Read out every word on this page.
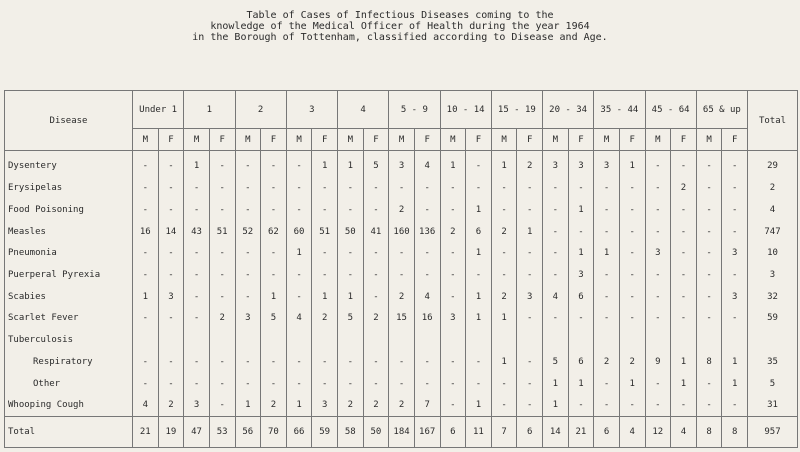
Table of Cases of Infectious Diseases coming to the
knowledge of the Medical Officer of Health during the year 1964
in the Borough of Tottenham, classified according to Disease and Age.
Disease	Under 1		1		2		3		4		5 - 9		10 - 14		15 - 19		20 - 34		35 - 44		45 - 64		65 & up		Total
	M	F	M	F	M	F	M	F	M	F	M	F	M	F	M	F	M	F	M	F	M	F	M	F	
Dysentery	-	-	1	-	-	-	-	1	1	5	3	4	1	-	1	2	3	3	3	1	-	-	-	-	29
Erysipelas	-	-	-	-	-	-	-	-	-	-	-	-	-	-	-	-	-	-	-	-	-	2	-	-	2
Food Poisoning	-	-	-	-	-	-	-	-	-	-	2	-	-	1	-	-	-	1	-	-	-	-	-	-	4
Measles	16	14	43	51	52	62	60	51	50	41	160	136	2	6	2	1	-	-	-	-	-	-	-	-	747
Pneumonia	-	-	-	-	-	-	1	-	-	-	-	-	-	1	-	-	-	1	1	-	3	-	-	3	10
Puerperal Pyrexia	-	-	-	-	-	-	-	-	-	-	-	-	-	-	-	-	-	3	-	-	-	-	-	-	3
Scabies	1	3	-	-	-	1	-	1	1	-	2	4	-	1	2	3	4	6	-	-	-	-	-	3	32
Scarlet Fever	-	-	-	2	3	5	4	2	5	2	15	16	3	1	1	-	-	-	-	-	-	-	-	-	59
Tuberculosis																									
Respiratory	-	-	-	-	-	-	-	-	-	-	-	-	-	-	1	-	5	6	2	2	9	1	8	1	35
Other	-	-	-	-	-	-	-	-	-	-	-	-	-	-	-	-	1	1	-	1	-	1	-	1	5
Whooping Cough	4	2	3	-	1	2	1	3	2	2	2	7	-	1	-	-	1	-	-	-	-	-	-	-	31
Total	21	19	47	53	56	70	66	59	58	50	184	167	6	11	7	6	14	21	6	4	12	4	8	8	957
